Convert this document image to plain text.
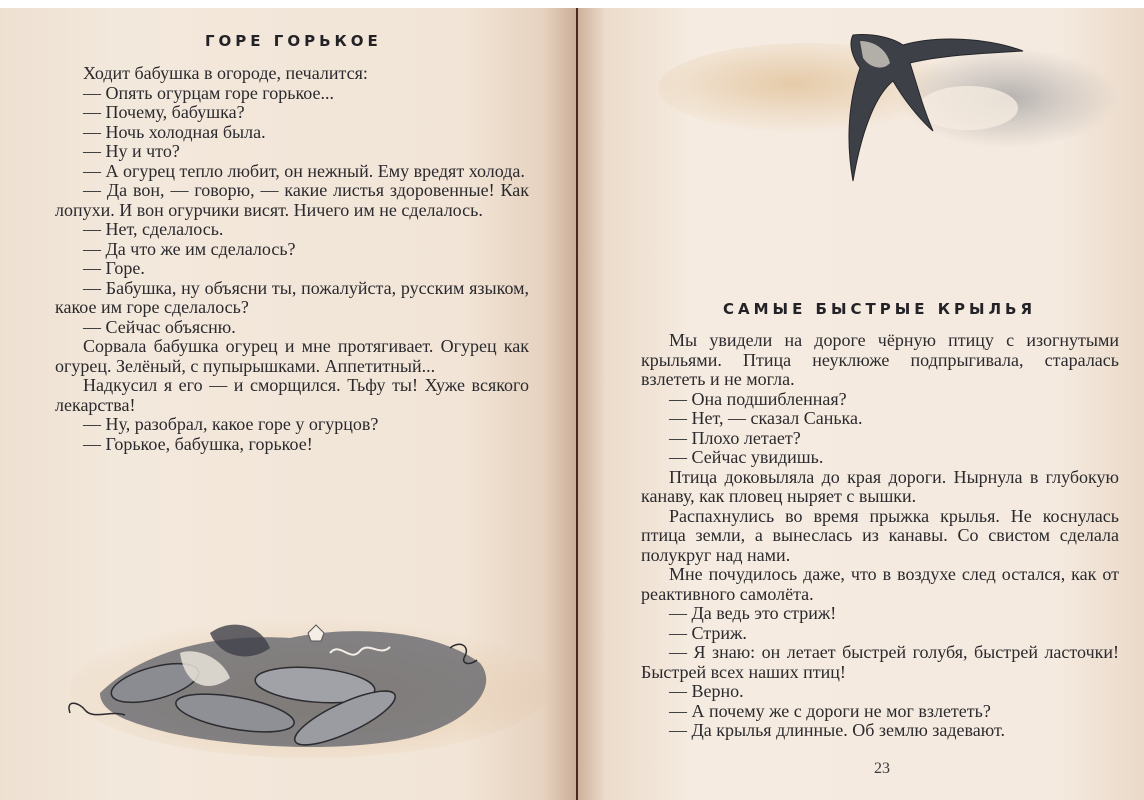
ГОРЕ ГОРЬКОЕ

Ходит бабушка в огороде, печалится:

— Опять огурцам горе горькое...

— Почему, бабушка?

— Ночь холодная была.

— Ну и что?

— А огурец тепло любит, он нежный. Ему вредят холода.

— Да вон, — говорю, — какие листья здоровенные! Как лопухи. И вон огурчики висят. Ничего им не сделалось.

— Нет, сделалось.

— Да что же им сделалось?

— Горе.

— Бабушка, ну объясни ты, пожалуйста, русским языком, какое им горе сделалось?

— Сейчас объясню.

Сорвала бабушка огурец и мне протягивает. Огурец как огурец. Зелёный, с пупырышками. Аппетитный...

Надкусил я его — и сморщился. Тьфу ты! Хуже всякого лекарства!

— Ну, разобрал, какое горе у огурцов?

— Горькое, бабушка, горькое!

САМЫЕ БЫСТРЫЕ КРЫЛЬЯ

Мы увидели на дороге чёрную птицу с изогнутыми крыльями. Птица неуклюже подпрыгивала, старалась взлететь и не могла.

— Она подшибленная?

— Нет, — сказал Санька.

— Плохо летает?

— Сейчас увидишь.

Птица доковыляла до края дороги. Нырнула в глубокую канаву, как пловец ныряет с вышки.

Распахнулись во время прыжка крылья. Не коснулась птица земли, а вынеслась из канавы. Со свистом сделала полукруг над нами.

Мне почудилось даже, что в воздухе след остался, как от реактивного самолёта.

— Да ведь это стриж!

— Стриж.

— Я знаю: он летает быстрей голубя, быстрей ласточки! Быстрей всех наших птиц!

— Верно.

— А почему же с дороги не мог взлететь?

— Да крылья длинные. Об землю задевают.

23
